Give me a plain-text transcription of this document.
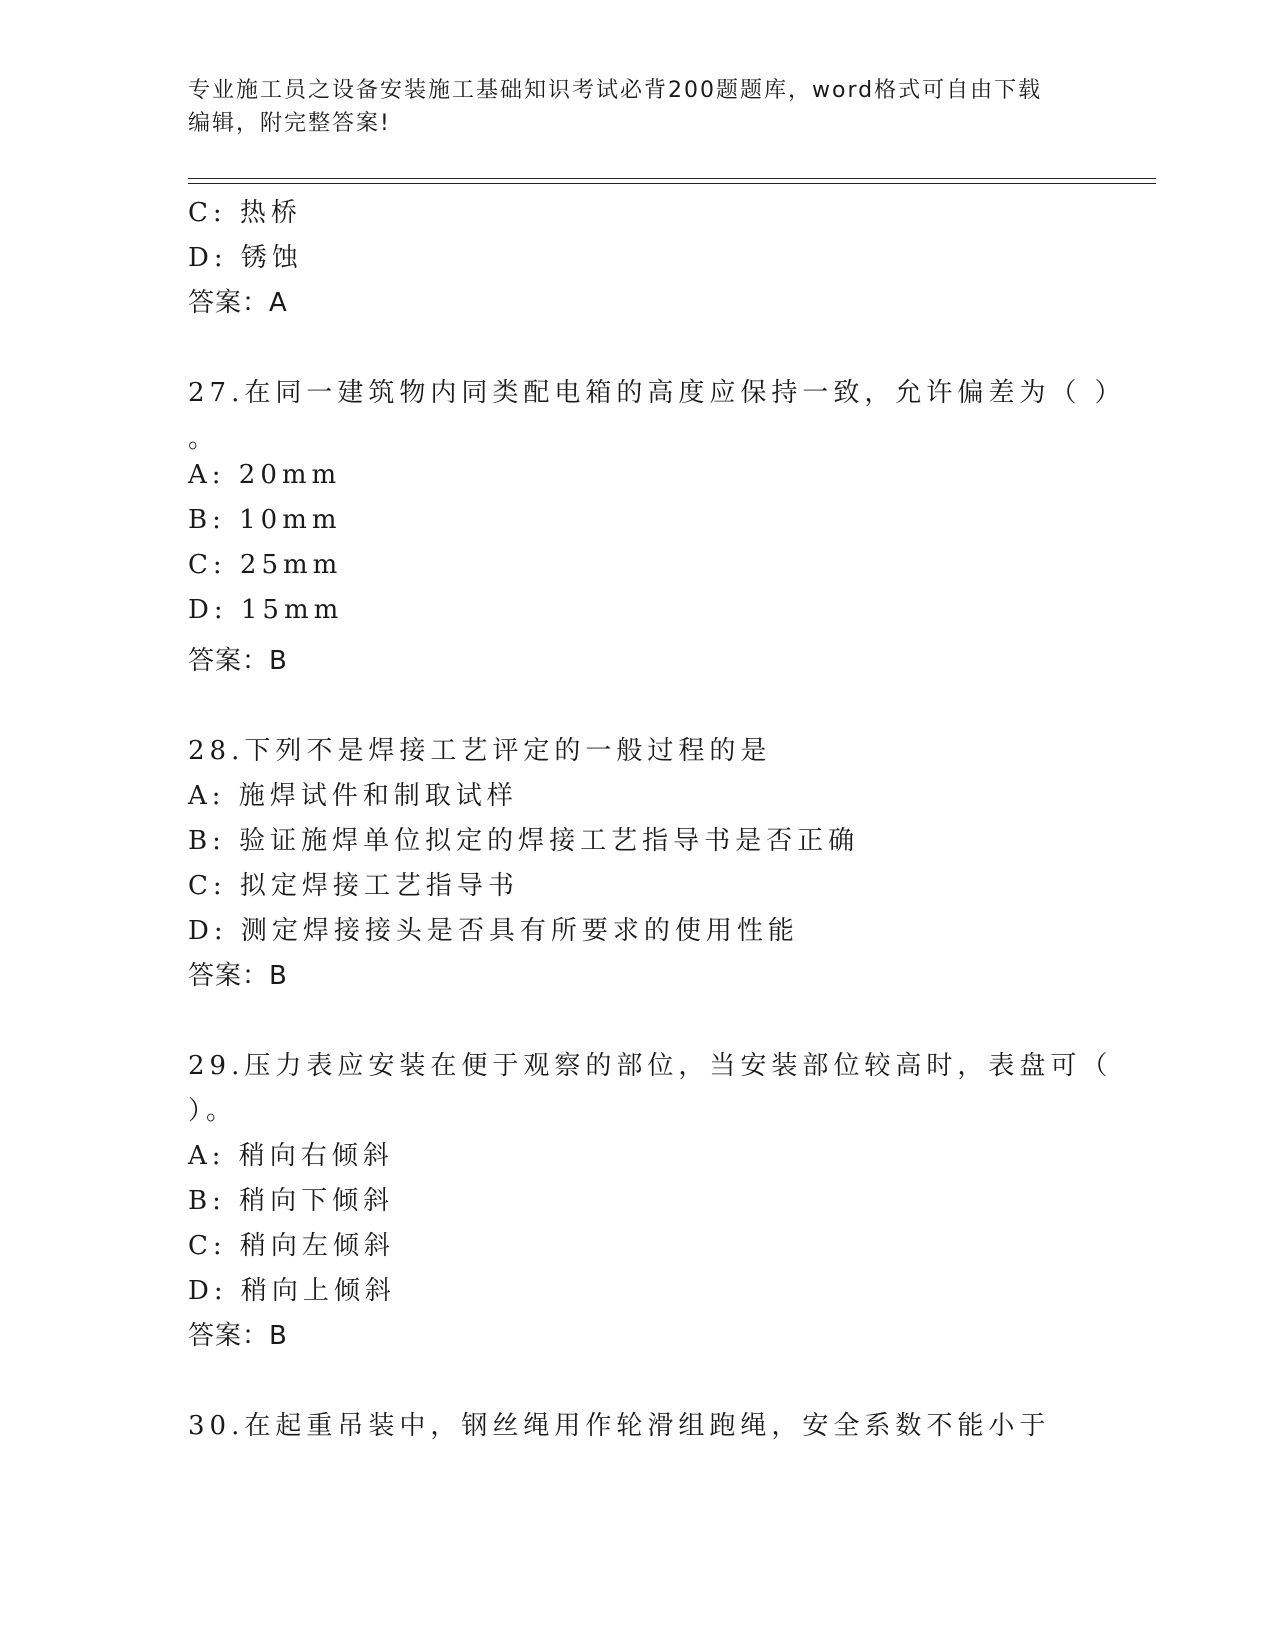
专业施工员之设备安装施工基础知识考试必背200题题库，word格式可自由下载
编辑，附完整答案!
C: 热桥
D: 锈蚀
答案：A
27.在同一建筑物内同类配电箱的高度应保持一致，允许偏差为（ ）
。
A: 20mm
B: 10mm
C: 25mm
D: 15mm
答案：B
28.下列不是焊接工艺评定的一般过程的是
A: 施焊试件和制取试样
B: 验证施焊单位拟定的焊接工艺指导书是否正确
C: 拟定焊接工艺指导书
D: 测定焊接接头是否具有所要求的使用性能
答案：B
29.压力表应安装在便于观察的部位，当安装部位较高时，表盘可（
）。
A: 稍向右倾斜
B: 稍向下倾斜
C: 稍向左倾斜
D: 稍向上倾斜
答案：B
30.在起重吊装中，钢丝绳用作轮滑组跑绳，安全系数不能小于
